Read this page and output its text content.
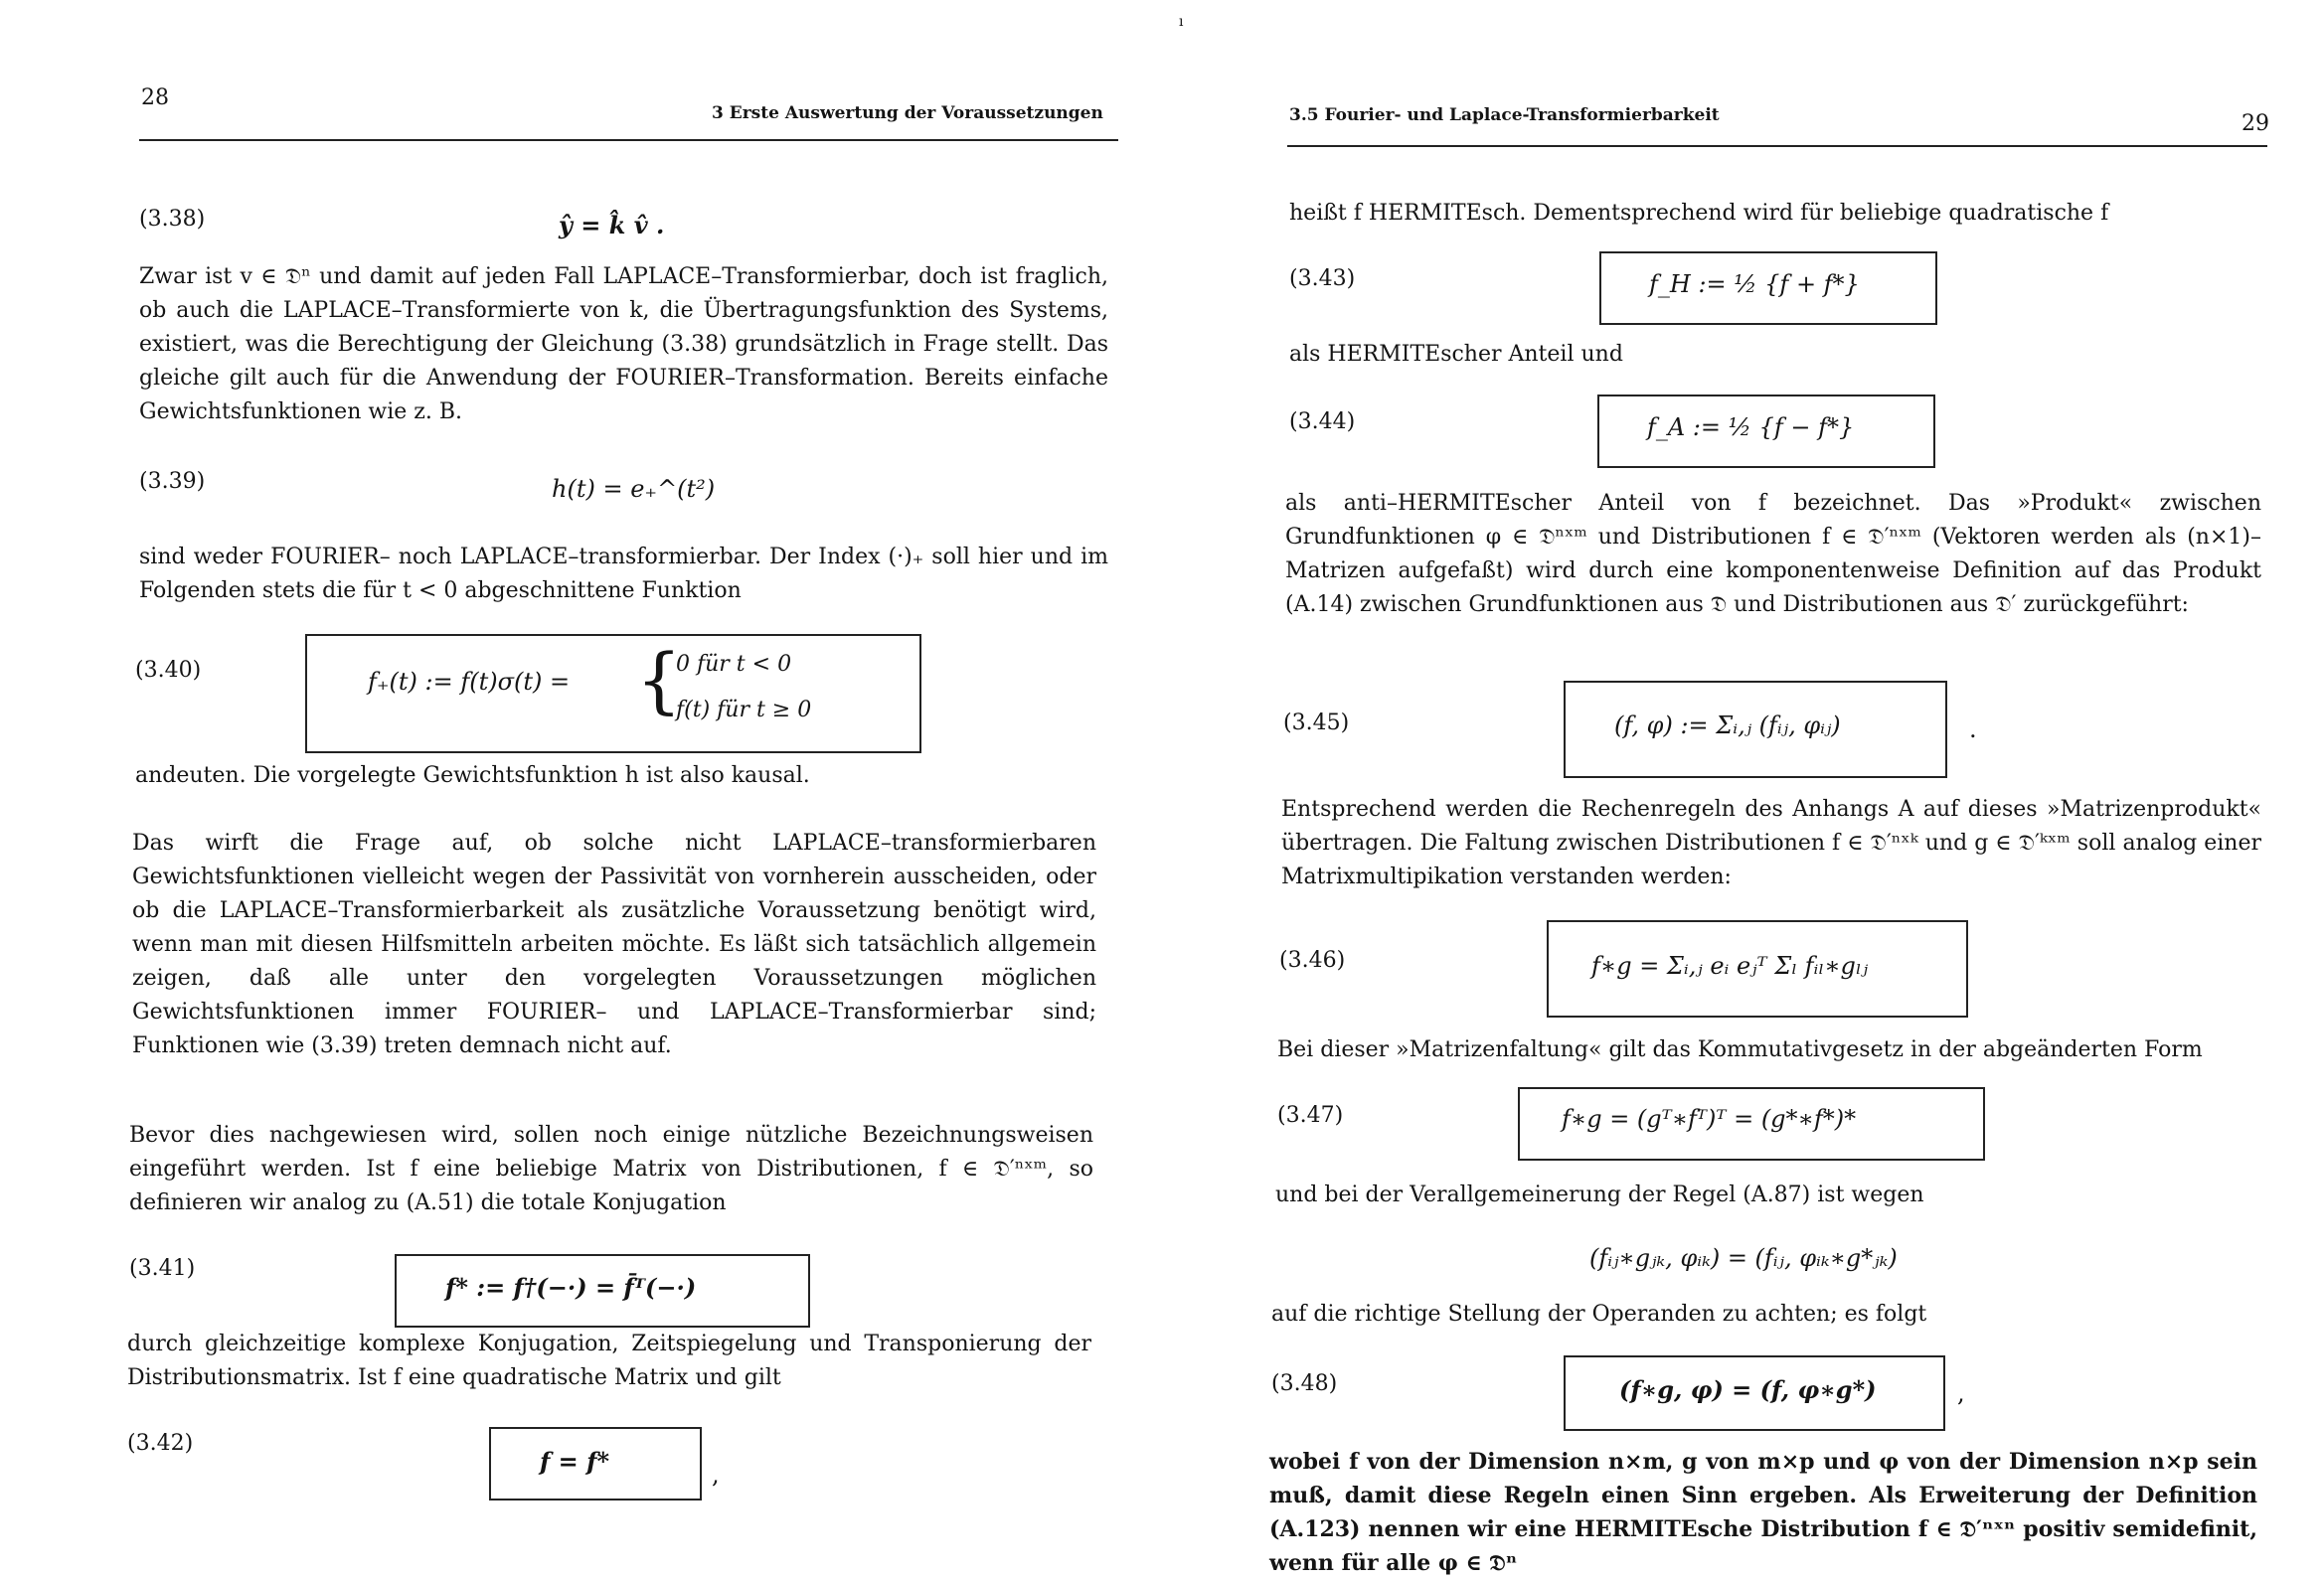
ı
28
3 Erste Auswertung der Voraussetzungen
(3.38)	ŷ = k̂ v̂ .

Zwar ist v ∈ 𝔇ⁿ und damit auf jeden Fall LAPLACE–Transformierbar, doch ist fraglich, ob auch die LAPLACE–Transformierte von k, die Übertragungsfunktion des Systems, existiert, was die Berechtigung der Gleichung (3.38) grundsätzlich in Frage stellt. Das gleiche gilt auch für die Anwendung der FOURIER–Transformation. Bereits einfache Gewichtsfunktionen wie z. B.

(3.39)	h(t) = e₊^(t²)

sind weder FOURIER– noch LAPLACE–transformierbar. Der Index (·)₊ soll hier und im Folgenden stets die für t < 0 abgeschnittene Funktion

(3.40)	f₊(t) := f(t)σ(t) = {
0 für t < 0
f(t) für t ≥ 0

andeuten. Die vorgelegte Gewichtsfunktion h ist also kausal.

Das wirft die Frage auf, ob solche nicht LAPLACE–transformierbaren Gewichtsfunktionen vielleicht wegen der Passivität von vornherein ausscheiden, oder ob die LAPLACE–Transformierbarkeit als zusätzliche Voraussetzung benötigt wird, wenn man mit diesen Hilfsmitteln arbeiten möchte. Es läßt sich tatsächlich allgemein zeigen, daß alle unter den vorgelegten Voraussetzungen möglichen Gewichtsfunktionen immer FOURIER– und LAPLACE–Transformierbar sind; Funktionen wie (3.39) treten demnach nicht auf.

Bevor dies nachgewiesen wird, sollen noch einige nützliche Bezeichnungsweisen eingeführt werden. Ist f eine beliebige Matrix von Distributionen, f ∈ 𝔇′ⁿˣᵐ, so definieren wir analog zu (A.51) die totale Konjugation

(3.41)
f* := f†(−·) = f̄ᵀ(−·)

durch gleichzeitige komplexe Konjugation, Zeitspiegelung und Transponierung der Distributionsmatrix. Ist f eine quadratische Matrix und gilt

(3.42)
f = f*	,
3.5 Fourier- und Laplace-Transformierbarkeit	29

heißt f HERMITEsch. Dementsprechend wird für beliebige quadratische f

(3.43)	f_H := ½ {f + f*}

als HERMITEscher Anteil und

(3.44)	f_A := ½ {f − f*}

als anti–HERMITEscher Anteil von f bezeichnet. Das »Produkt« zwischen Grundfunktionen φ ∈ 𝔇ⁿˣᵐ und Distributionen f ∈ 𝔇′ⁿˣᵐ (Vektoren werden als (n×1)–Matrizen aufgefaßt) wird durch eine komponentenweise Definition auf das Produkt (A.14) zwischen Grundfunktionen aus 𝔇 und Distributionen aus 𝔇′ zurückgeführt:

(3.45)	(f, φ) := Σᵢ,ⱼ (fᵢⱼ, φᵢⱼ)	.

Entsprechend werden die Rechenregeln des Anhangs A auf dieses »Matrizenprodukt« übertragen. Die Faltung zwischen Distributionen f ∈ 𝔇′ⁿˣᵏ und g ∈ 𝔇′ᵏˣᵐ soll analog einer Matrixmultipikation verstanden werden:

(3.46)	f∗g = Σᵢ,ⱼ eᵢ eⱼᵀ Σₗ fᵢₗ∗gₗⱼ

Bei dieser »Matrizenfaltung« gilt das Kommutativgesetz in der abgeänderten Form

(3.47)	f∗g = (gᵀ∗fᵀ)ᵀ = (g*∗f*)*

und bei der Verallgemeinerung der Regel (A.87) ist wegen

(fᵢⱼ∗gⱼₖ, φᵢₖ) = (fᵢⱼ, φᵢₖ∗g*ⱼₖ)

auf die richtige Stellung der Operanden zu achten; es folgt

(3.48)	(f∗g, φ) = (f, φ∗g*)	,

wobei f von der Dimension n×m, g von m×p und φ von der Dimension n×p sein muß, damit diese Regeln einen Sinn ergeben. Als Erweiterung der Definition (A.123) nennen wir eine HERMITEsche Distribution f ∈ 𝔇′ⁿˣⁿ positiv semidefinit, wenn für alle φ ∈ 𝔇ⁿ
